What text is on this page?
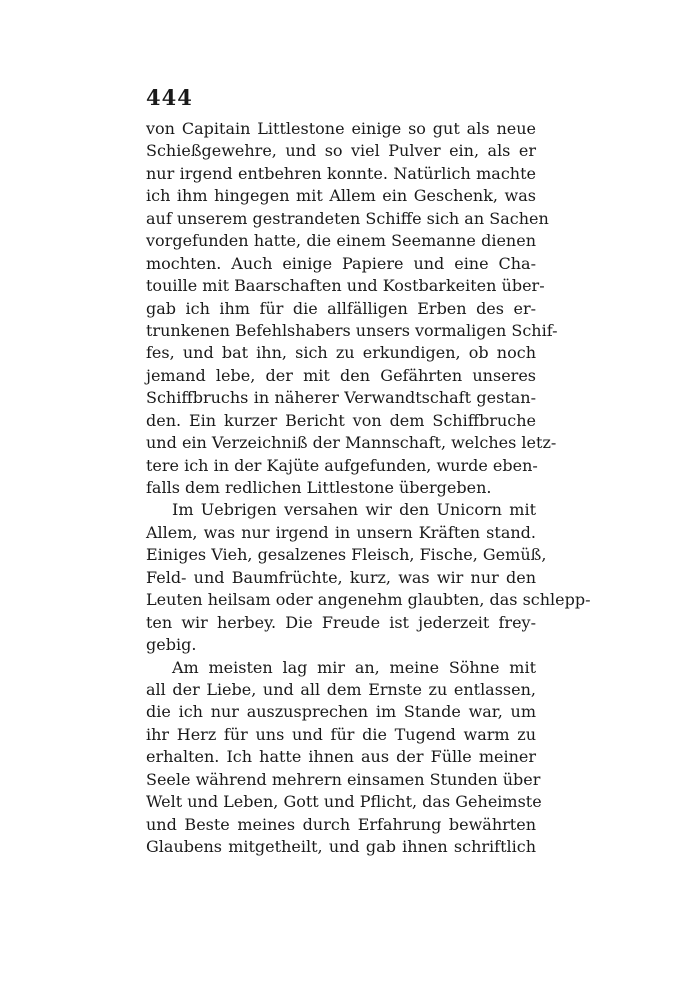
444
von Capitain Littlestone einige so gut als neue
Schießgewehre, und so viel Pulver ein, als er
nur irgend entbehren konnte. Natürlich machte
ich ihm hingegen mit Allem ein Geschenk, was
auf unserem gestrandeten Schiffe sich an Sachen
vorgefunden hatte, die einem Seemanne dienen
mochten. Auch einige Papiere und eine Cha-
touille mit Baarschaften und Kostbarkeiten über-
gab ich ihm für die allfälligen Erben des er-
trunkenen Befehlshabers unsers vormaligen Schif-
fes, und bat ihn, sich zu erkundigen, ob noch
jemand lebe, der mit den Gefährten unseres
Schiffbruchs in näherer Verwandtschaft gestan-
den. Ein kurzer Bericht von dem Schiffbruche
und ein Verzeichniß der Mannschaft, welches letz-
tere ich in der Kajüte aufgefunden, wurde eben-
falls dem redlichen Littlestone übergeben.
Im Uebrigen versahen wir den Unicorn mit
Allem, was nur irgend in unsern Kräften stand.
Einiges Vieh, gesalzenes Fleisch, Fische, Gemüß,
Feld- und Baumfrüchte, kurz, was wir nur den
Leuten heilsam oder angenehm glaubten, das schlepp-
ten wir herbey. Die Freude ist jederzeit frey-
gebig.
Am meisten lag mir an, meine Söhne mit
all der Liebe, und all dem Ernste zu entlassen,
die ich nur auszusprechen im Stande war, um
ihr Herz für uns und für die Tugend warm zu
erhalten. Ich hatte ihnen aus der Fülle meiner
Seele während mehrern einsamen Stunden über
Welt und Leben, Gott und Pflicht, das Geheimste
und Beste meines durch Erfahrung bewährten
Glaubens mitgetheilt, und gab ihnen schriftlich
